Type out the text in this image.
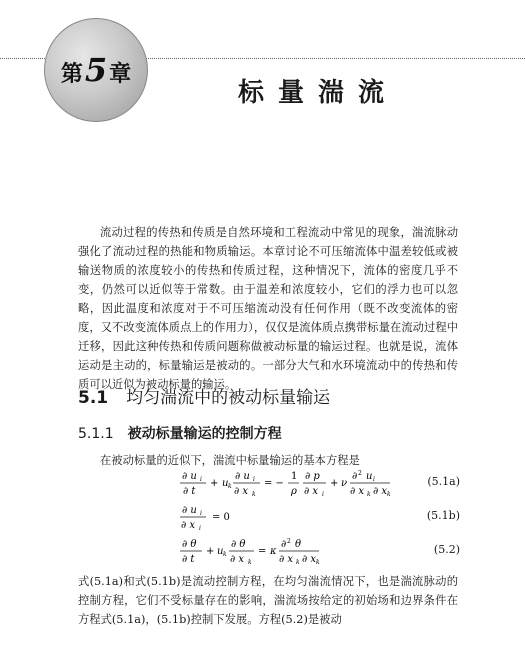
第5章
标量湍流

流动过程的传热和传质是自然环境和工程流动中常见的现象，湍流脉动强化了流动过程的热能和物质输运。本章讨论不可压缩流体中温差较低或被输送物质的浓度较小的传热和传质过程，这种情况下，流体的密度几乎不变，仍然可以近似等于常数。由于温差和浓度较小，它们的浮力也可以忽略，因此温度和浓度对于不可压缩流动没有任何作用（既不改变流体的密度，又不改变流体质点上的作用力），仅仅是流体质点携带标量在流动过程中迁移，因此这种传热和传质问题称做被动标量的输运过程。也就是说，流体运动是主动的，标量输运是被动的。一部分大气和水环境流动中的传热和传质可以近似为被动标量的输运。

5.1 均匀湍流中的被动标量输运
5.1.1 被动标量输运的控制方程

在被动标量的近似下，湍流中标量输运的基本方程是

∂ u i
∂ t
+ u k
∂ u i
∂ x k
= −
1
ρ
∂ p
∂ x i
+ ν
∂ 2 u i
∂ x k ∂ x k
(5.1a)
∂ u i
∂ x i
= 0	(5.1b)
∂ θ
∂ t
+ u k
∂ θ
∂ x k
= κ
∂ 2 θ
∂ x k ∂ x k
(5.2)

式(5.1a)和式(5.1b)是流动控制方程，在均匀湍流情况下，也是湍流脉动的控制方程，它们不受标量存在的影响，湍流场按给定的初始场和边界条件在方程式(5.1a)，(5.1b)控制下发展。方程(5.2)是被动
